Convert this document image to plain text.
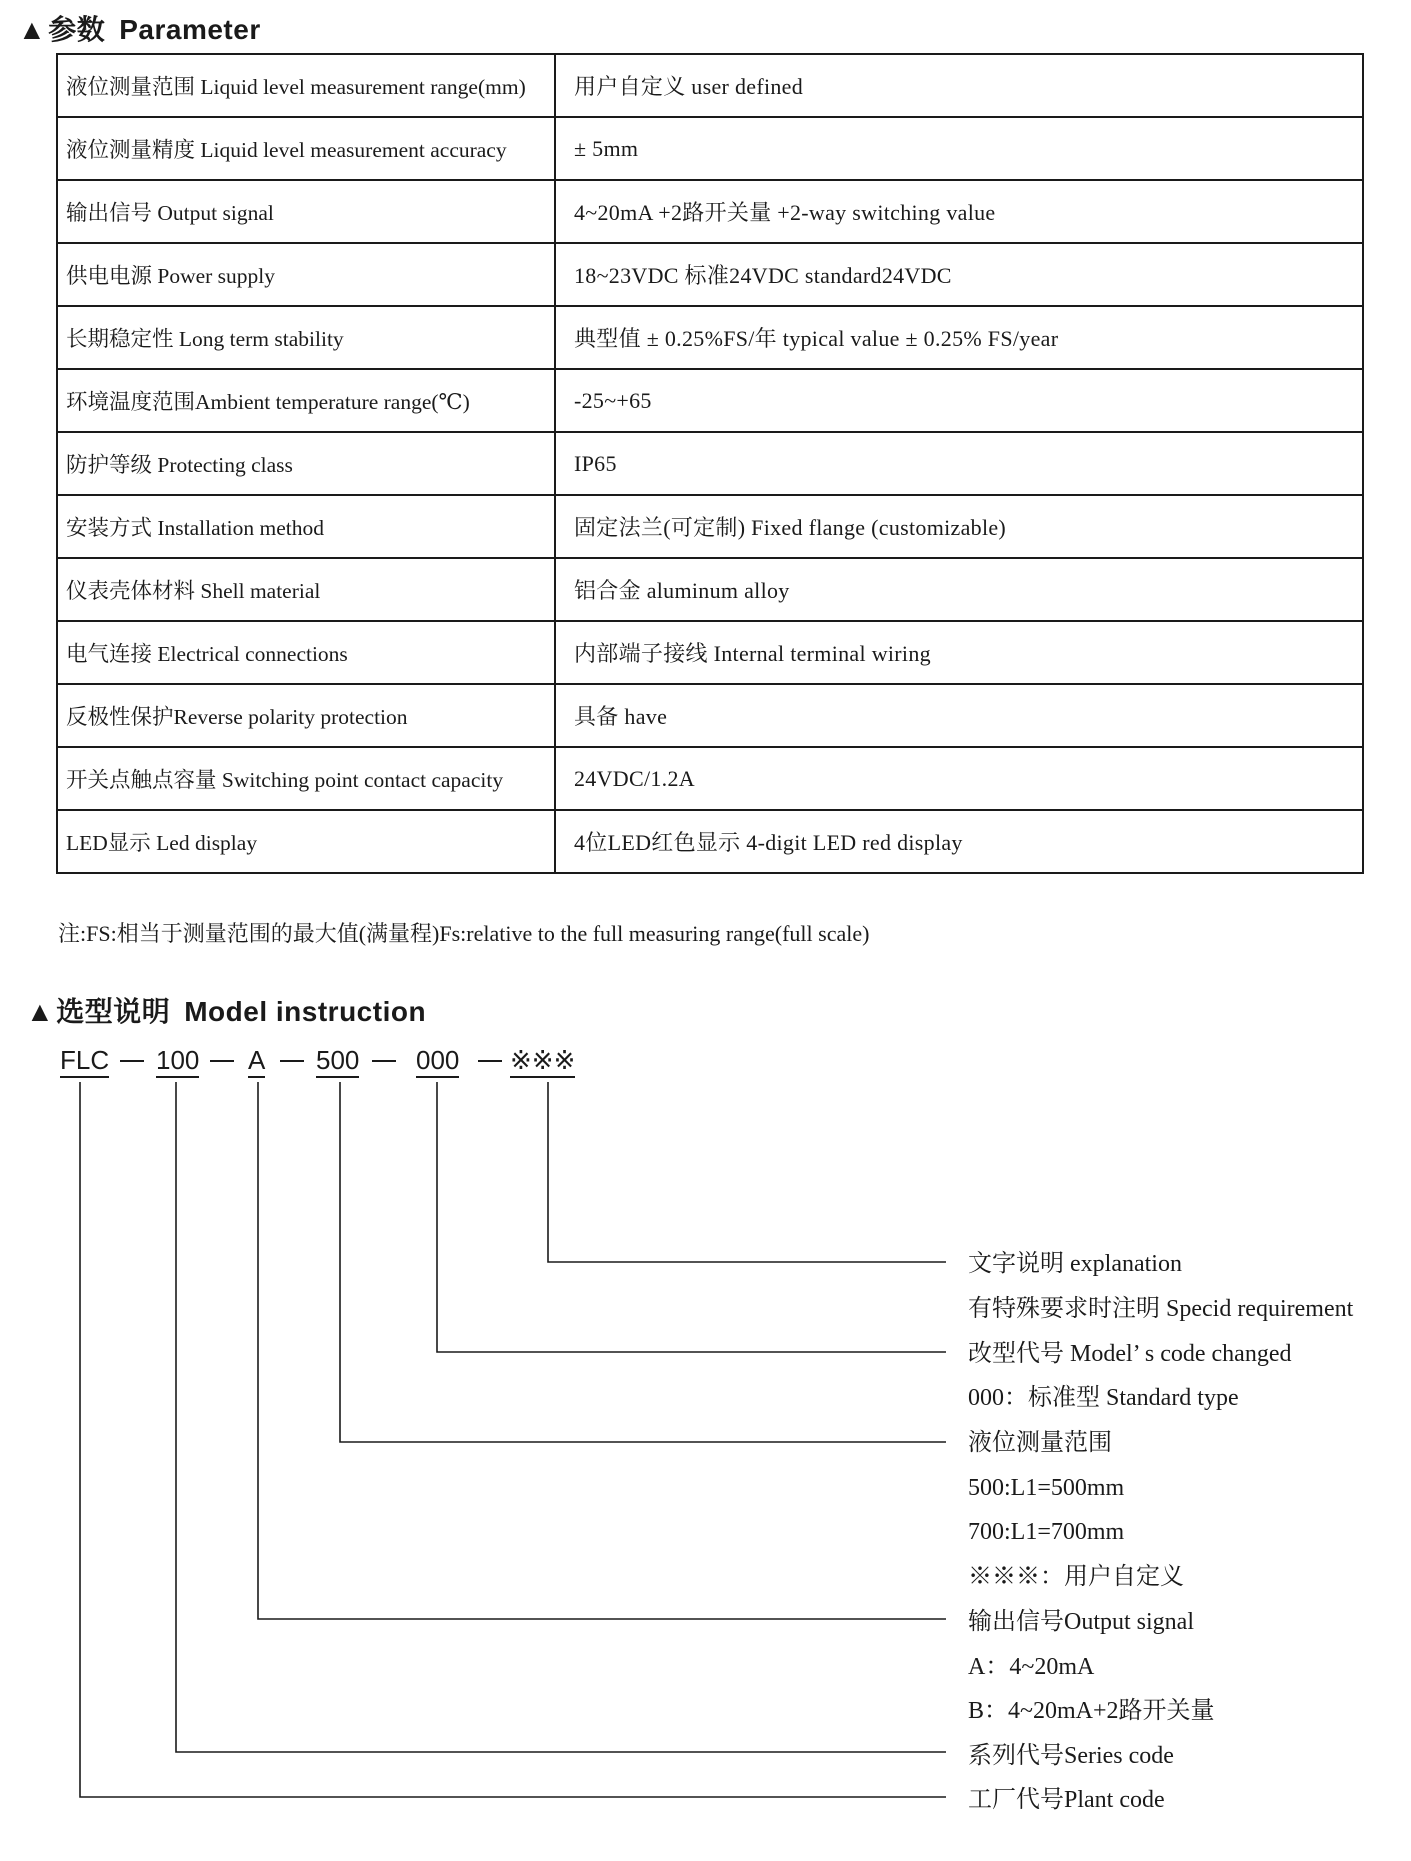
▲参数 Parameter
液位测量范围 Liquid level measurement range(mm)	用户自定义 user defined
液位测量精度 Liquid level measurement accuracy	± 5mm
输出信号 Output signal	4~20mA +2路开关量 +2-way switching value
供电电源 Power supply	18~23VDC 标准24VDC standard24VDC
长期稳定性 Long term stability	典型值 ± 0.25%FS/年 typical value ± 0.25% FS/year
环境温度范围Ambient temperature range(℃)	-25~+65
防护等级 Protecting class	IP65
安装方式 Installation method	固定法兰(可定制) Fixed flange (customizable)
仪表壳体材料 Shell material	铝合金 aluminum alloy
电气连接 Electrical connections	内部端子接线 Internal terminal wiring
反极性保护Reverse polarity protection	具备 have
开关点触点容量 Switching point contact capacity	24VDC/1.2A
LED显示 Led display	4位LED红色显示 4-digit LED red display
注:FS:相当于测量范围的最大值(满量程)Fs:relative to the full measuring range(full scale)
▲选型说明 Model instruction
FLC 100 A 500 000 ※※※
文字说明 explanation
有特殊要求时注明 Specid requirement
改型代号 Model’ s code changed
000：标准型 Standard type
液位测量范围
500:L1=500mm
700:L1=700mm
※※※：用户自定义
输出信号Output signal
A：4~20mA
B：4~20mA+2路开关量
系列代号Series code
工厂代号Plant code
